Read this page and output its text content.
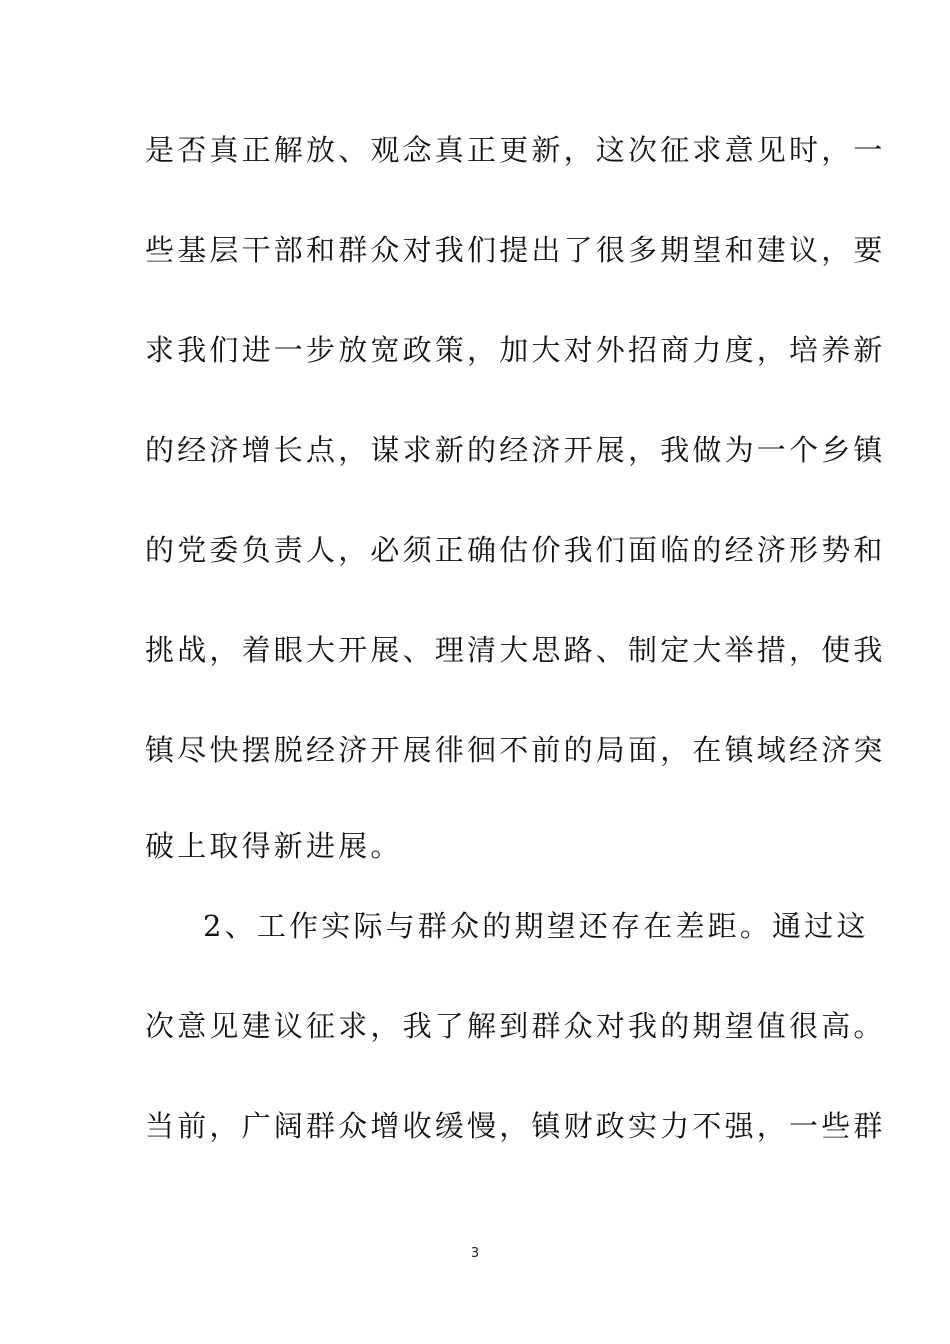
是否真正解放、观念真正更新，这次征求意见时，一
些基层干部和群众对我们提出了很多期望和建议，要
求我们进一步放宽政策，加大对外招商力度，培养新
的经济增长点，谋求新的经济开展，我做为一个乡镇
的党委负责人，必须正确估价我们面临的经济形势和
挑战，着眼大开展、理清大思路、制定大举措，使我
镇尽快摆脱经济开展徘徊不前的局面，在镇域经济突
破上取得新进展。
2、工作实际与群众的期望还存在差距。通过这
次意见建议征求，我了解到群众对我的期望值很高。
当前，广阔群众增收缓慢，镇财政实力不强，一些群
3
